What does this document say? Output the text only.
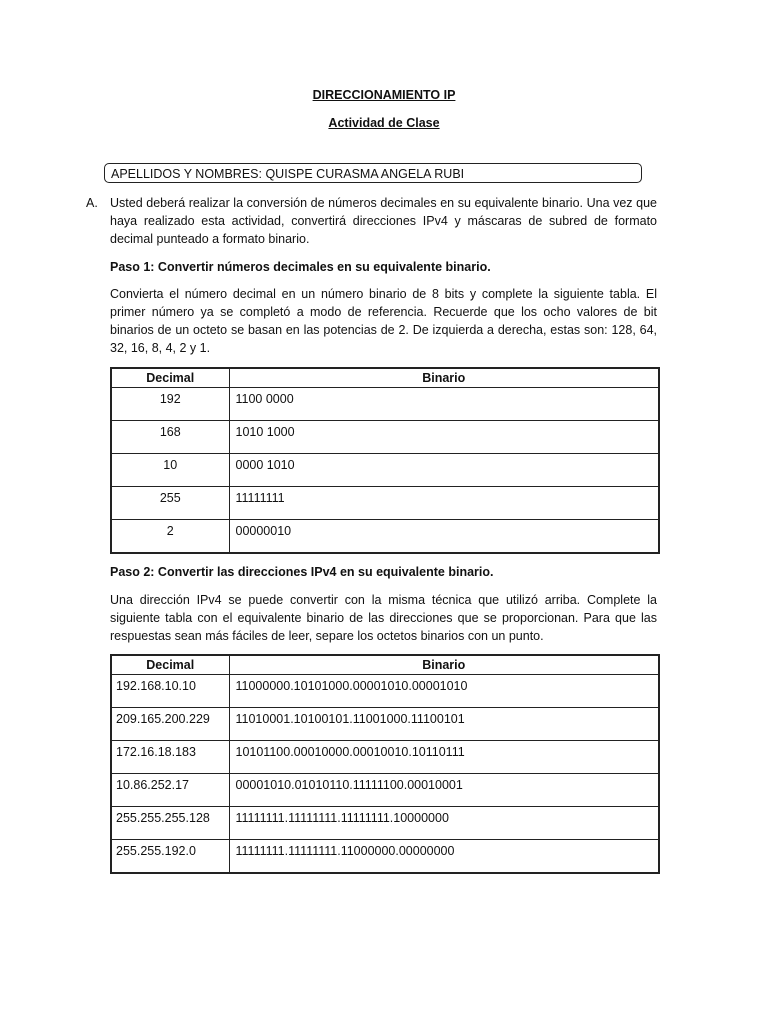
DIRECCIONAMIENTO IP
Actividad de Clase
APELLIDOS Y NOMBRES: QUISPE CURASMA ANGELA RUBI
A. Usted deberá realizar la conversión de números decimales en su equivalente binario. Una vez que haya realizado esta actividad, convertirá direcciones IPv4 y máscaras de subred de formato decimal punteado a formato binario.
Paso 1: Convertir números decimales en su equivalente binario.
Convierta el número decimal en un número binario de 8 bits y complete la siguiente tabla. El primer número ya se completó a modo de referencia. Recuerde que los ocho valores de bit binarios de un octeto se basan en las potencias de 2. De izquierda a derecha, estas son: 128, 64, 32, 16, 8, 4, 2 y 1.
Decimal	Binario
192	1100 0000
168	1010 1000
10	0000 1010
255	11111111
2	00000010
Paso 2: Convertir las direcciones IPv4 en su equivalente binario.
Una dirección IPv4 se puede convertir con la misma técnica que utilizó arriba. Complete la siguiente tabla con el equivalente binario de las direcciones que se proporcionan. Para que las respuestas sean más fáciles de leer, separe los octetos binarios con un punto.
Decimal	Binario
192.168.10.10	11000000.10101000.00001010.00001010
209.165.200.229	11010001.10100101.11001000.11100101
172.16.18.183	10101100.00010000.00010010.10110111
10.86.252.17	00001010.01010110.11111100.00010001
255.255.255.128	11111111.11111111.11111111.10000000
255.255.192.0	11111111.11111111.11000000.00000000
